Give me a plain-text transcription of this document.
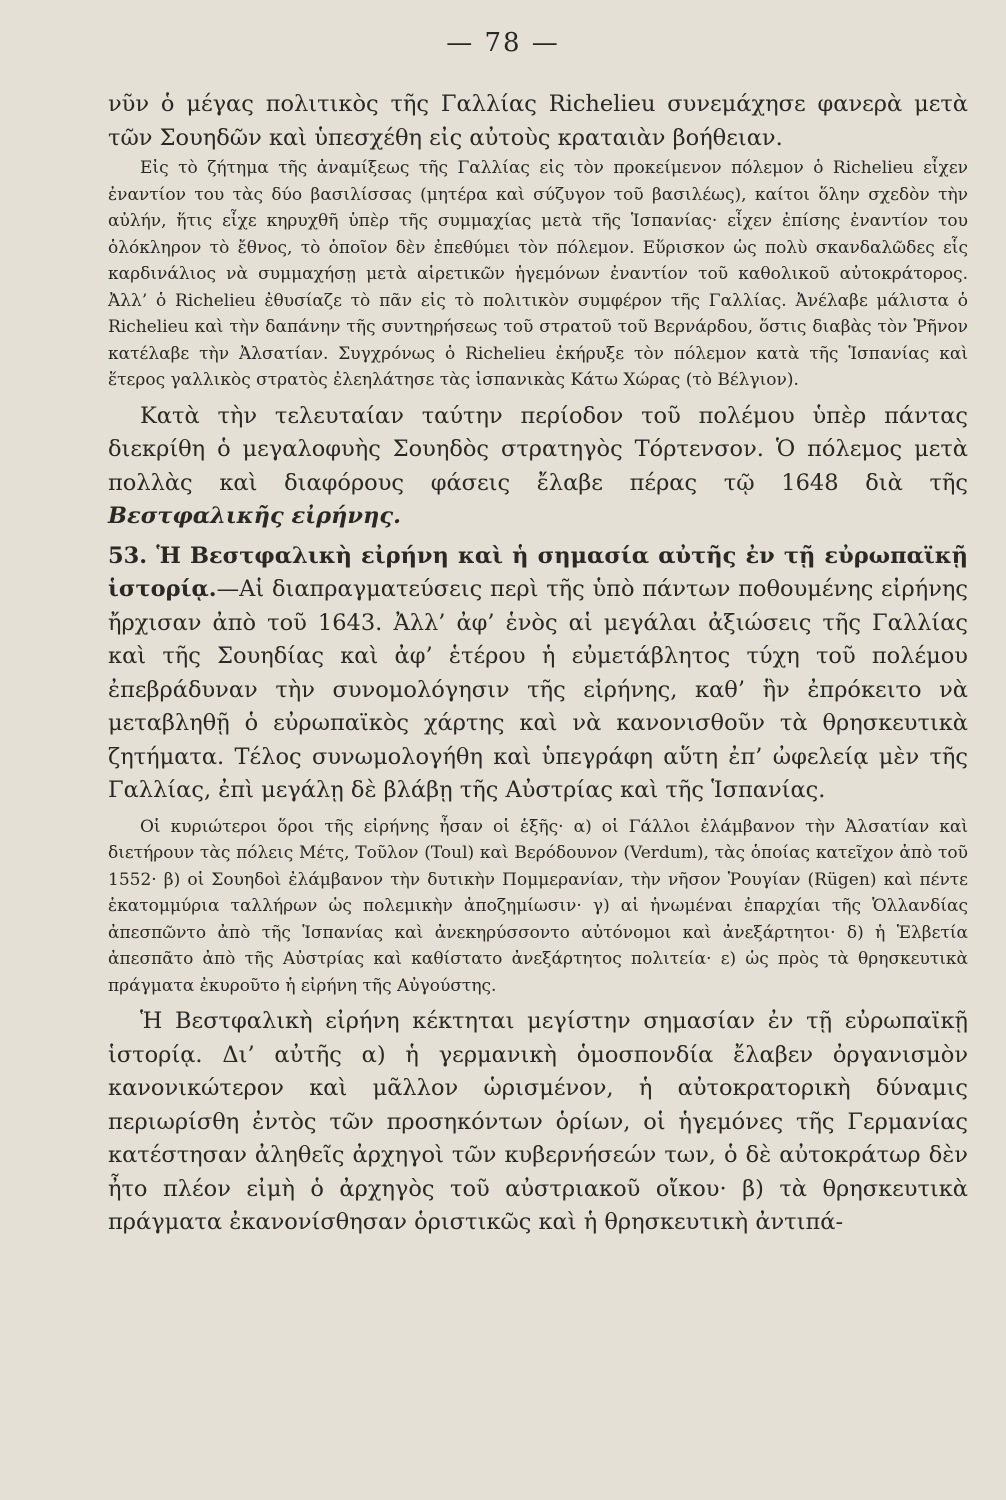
— 78 —

νῦν ὁ μέγας πολιτικὸς τῆς Γαλλίας Richelieu συνεμάχησε φανερὰ μετὰ τῶν Σουηδῶν καὶ ὑπεσχέθη εἰς αὐτοὺς κραταιὰν βοήθειαν.

Εἰς τὸ ζήτημα τῆς ἀναμίξεως τῆς Γαλλίας εἰς τὸν προκείμενον πόλεμον ὁ Richelieu εἶχεν ἐναντίον του τὰς δύο βασιλίσσας (μητέρα καὶ σύζυγον τοῦ βασιλέως), καίτοι ὅλην σχεδὸν τὴν αὐλήν, ἥτις εἶχε κηρυχθῆ ὑπὲρ τῆς συμμαχίας μετὰ τῆς Ἱσπανίας· εἶχεν ἐπίσης ἐναντίον του ὁλόκληρον τὸ ἔθνος, τὸ ὁποῖον δὲν ἐπεθύμει τὸν πόλεμον. Εὕρισκον ὡς πολὺ σκανδαλῶδες εἷς καρδινάλιος νὰ συμμαχήσῃ μετὰ αἱρετικῶν ἡγεμόνων ἐναντίον τοῦ καθολικοῦ αὐτοκράτορος. Ἀλλ’ ὁ Richelieu ἐθυσίαζε τὸ πᾶν εἰς τὸ πολιτικὸν συμφέρον τῆς Γαλλίας. Ἀνέλαβε μάλιστα ὁ Richelieu καὶ τὴν δαπάνην τῆς συντηρήσεως τοῦ στρατοῦ τοῦ Βερνάρδου, ὅστις διαβὰς τὸν Ῥῆνον κατέλαβε τὴν Ἀλσατίαν. Συγχρόνως ὁ Richelieu ἐκήρυξε τὸν πόλεμον κατὰ τῆς Ἱσπανίας καὶ ἕτερος γαλλικὸς στρατὸς ἐλεηλάτησε τὰς ἱσπανικὰς Κάτω Χώρας (τὸ Βέλγιον).

Κατὰ τὴν τελευταίαν ταύτην περίοδον τοῦ πολέμου ὑπὲρ πάντας διεκρίθη ὁ μεγαλοφυὴς Σουηδὸς στρατηγὸς Τόρτενσον. Ὁ πόλεμος μετὰ πολλὰς καὶ διαφόρους φάσεις ἔλαβε πέρας τῷ 1648 διὰ τῆς Βεστφαλικῆς εἰρήνης.

53. Ἡ Βεστφαλικὴ εἰρήνη καὶ ἡ σημασία αὐτῆς ἐν τῇ εὐρωπαϊκῇ ἱστορίᾳ.—Αἱ διαπραγματεύσεις περὶ τῆς ὑπὸ πάντων ποθουμένης εἰρήνης ἤρχισαν ἀπὸ τοῦ 1643. Ἀλλ’ ἀφ’ ἑνὸς αἱ μεγάλαι ἀξιώσεις τῆς Γαλλίας καὶ τῆς Σουηδίας καὶ ἀφ’ ἑτέρου ἡ εὐμετάβλητος τύχη τοῦ πολέμου ἐπεβράδυναν τὴν συνομολόγησιν τῆς εἰρήνης, καθ’ ἣν ἐπρόκειτο νὰ μεταβληθῇ ὁ εὐρωπαϊκὸς χάρτης καὶ νὰ κανονισθοῦν τὰ θρησκευτικὰ ζητήματα. Τέλος συνωμολογήθη καὶ ὑπεγράφη αὕτη ἐπ’ ὠφελείᾳ μὲν τῆς Γαλλίας, ἐπὶ μεγάλῃ δὲ βλάβῃ τῆς Αὐστρίας καὶ τῆς Ἱσπανίας.

Οἱ κυριώτεροι ὅροι τῆς εἰρήνης ἦσαν οἱ ἑξῆς· α) οἱ Γάλλοι ἐλάμβανον τὴν Ἀλσατίαν καὶ διετήρουν τὰς πόλεις Μέτς, Τοῦλον (Toul) καὶ Βερόδουνον (Verdum), τὰς ὁποίας κατεῖχον ἀπὸ τοῦ 1552· β) οἱ Σουηδοὶ ἐλάμβανον τὴν δυτικὴν Πομμερανίαν, τὴν νῆσον Ῥουγίαν (Rügen) καὶ πέντε ἑκατομμύρια ταλλήρων ὡς πολεμικὴν ἀποζημίωσιν· γ) αἱ ἡνωμέναι ἐπαρχίαι τῆς Ὁλλανδίας ἀπεσπῶντο ἀπὸ τῆς Ἱσπανίας καὶ ἀνεκηρύσσοντο αὐτόνομοι καὶ ἀνεξάρτητοι· δ) ἡ Ἑλβετία ἀπεσπᾶτο ἀπὸ τῆς Αὐστρίας καὶ καθίστατο ἀνεξάρτητος πολιτεία· ε) ὡς πρὸς τὰ θρησκευτικὰ πράγματα ἐκυροῦτο ἡ εἰρήνη τῆς Αὐγούστης.

Ἡ Βεστφαλικὴ εἰρήνη κέκτηται μεγίστην σημασίαν ἐν τῇ εὐρωπαϊκῇ ἱστορίᾳ. Δι’ αὐτῆς α) ἡ γερμανικὴ ὁμοσπονδία ἔλαβεν ὀργανισμὸν κανονικώτερον καὶ μᾶλλον ὡρισμένον, ἡ αὐτοκρατορικὴ δύναμις περιωρίσθη ἐντὸς τῶν προσηκόντων ὁρίων, οἱ ἡγεμόνες τῆς Γερμανίας κατέστησαν ἀληθεῖς ἀρχηγοὶ τῶν κυβερνήσεών των, ὁ δὲ αὐτοκράτωρ δὲν ἦτο πλέον εἰμὴ ὁ ἀρχηγὸς τοῦ αὐστριακοῦ οἴκου· β) τὰ θρησκευτικὰ πράγματα ἐκανονίσθησαν ὁριστικῶς καὶ ἡ θρησκευτικὴ ἀντιπά-
